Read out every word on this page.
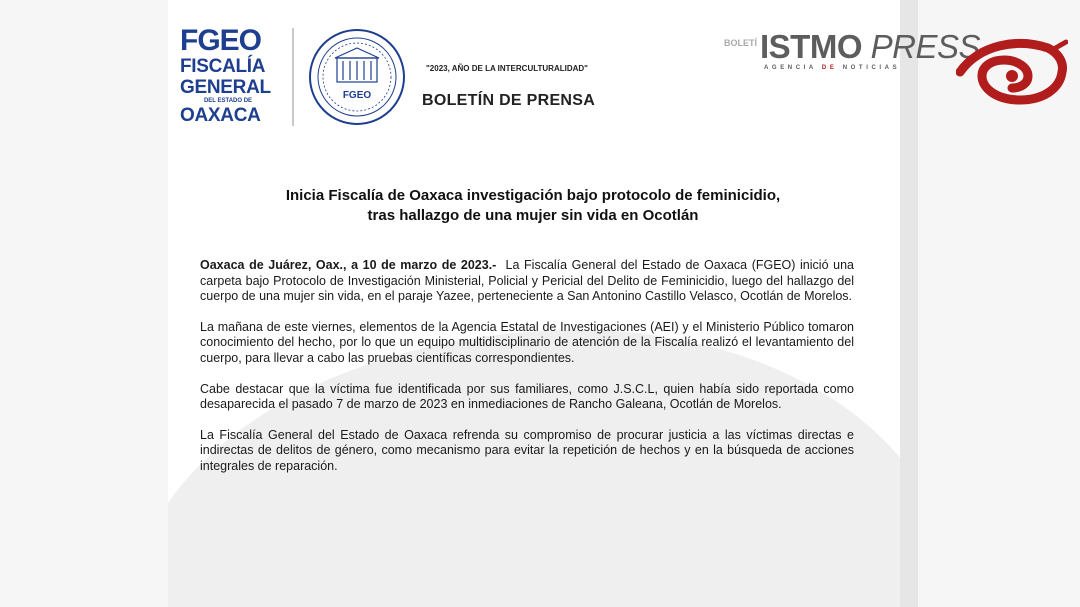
FGEO
FISCALÍA
GENERAL
DEL ESTADO DE
OAXACA
FGEO
"2023, AÑO DE LA INTERCULTURALIDAD"
BOLETÍN DE PRENSA
BOLETÍ
Inicia Fiscalía de Oaxaca investigación bajo protocolo de feminicidio,
tras hallazgo de una mujer sin vida en Ocotlán

Oaxaca de Juárez, Oax., a 10 de marzo de 2023.- La Fiscalía General del Estado de Oaxaca (FGEO) inició una carpeta bajo Protocolo de Investigación Ministerial, Policial y Pericial del Delito de Feminicidio, luego del hallazgo del cuerpo de una mujer sin vida, en el paraje Yazee, perteneciente a San Antonino Castillo Velasco, Ocotlán de Morelos.

La mañana de este viernes, elementos de la Agencia Estatal de Investigaciones (AEI) y el Ministerio Público tomaron conocimiento del hecho, por lo que un equipo multidisciplinario de atención de la Fiscalía realizó el levantamiento del cuerpo, para llevar a cabo las pruebas científicas correspondientes.

Cabe destacar que la víctima fue identificada por sus familiares, como J.S.C.L, quien había sido reportada como desaparecida el pasado 7 de marzo de 2023 en inmediaciones de Rancho Galeana, Ocotlán de Morelos.

La Fiscalía General del Estado de Oaxaca refrenda su compromiso de procurar justicia a las víctimas directas e indirectas de delitos de género, como mecanismo para evitar la repetición de hechos y en la búsqueda de acciones integrales de reparación.

ISTMO PRESS
AGENCIA DE NOTICIAS
